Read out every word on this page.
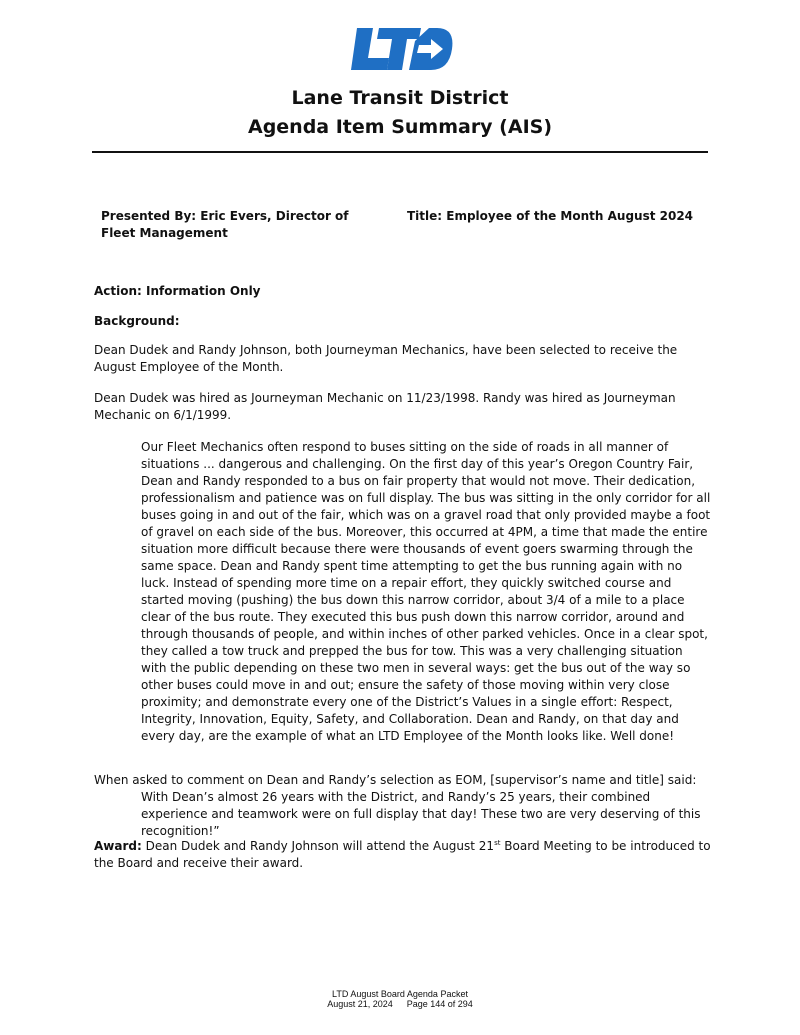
Lane Transit District
Agenda Item Summary (AIS)
Presented By: Eric Evers, Director of Fleet Management
Title: Employee of the Month August 2024
Action: Information Only
Background:
Dean Dudek and Randy Johnson, both Journeyman Mechanics, have been selected to receive the August Employee of the Month.
Dean Dudek was hired as Journeyman Mechanic on 11/23/1998. Randy was hired as Journeyman Mechanic on 6/1/1999.
Our Fleet Mechanics often respond to buses sitting on the side of roads in all manner of situations ... dangerous and challenging. On the first day of this year’s Oregon Country Fair, Dean and Randy responded to a bus on fair property that would not move. Their dedication, professionalism and patience was on full display. The bus was sitting in the only corridor for all buses going in and out of the fair, which was on a gravel road that only provided maybe a foot of gravel on each side of the bus. Moreover, this occurred at 4PM, a time that made the entire situation more difficult because there were thousands of event goers swarming through the same space. Dean and Randy spent time attempting to get the bus running again with no luck. Instead of spending more time on a repair effort, they quickly switched course and started moving (pushing) the bus down this narrow corridor, about 3/4 of a mile to a place clear of the bus route. They executed this bus push down this narrow corridor, around and through thousands of people, and within inches of other parked vehicles. Once in a clear spot, they called a tow truck and prepped the bus for tow. This was a very challenging situation with the public depending on these two men in several ways: get the bus out of the way so other buses could move in and out; ensure the safety of those moving within very close proximity; and demonstrate every one of the District’s Values in a single effort: Respect, Integrity, Innovation, Equity, Safety, and Collaboration. Dean and Randy, on that day and every day, are the example of what an LTD Employee of the Month looks like. Well done!
When asked to comment on Dean and Randy’s selection as EOM, [supervisor’s name and title] said:
With Dean’s almost 26 years with the District, and Randy’s 25 years, their combined experience and teamwork were on full display that day! These two are very deserving of this recognition!”
Award: Dean Dudek and Randy Johnson will attend the August 21st Board Meeting to be introduced to the Board and receive their award.
LTD August Board Agenda Packet
August 21, 2024 Page 144 of 294
